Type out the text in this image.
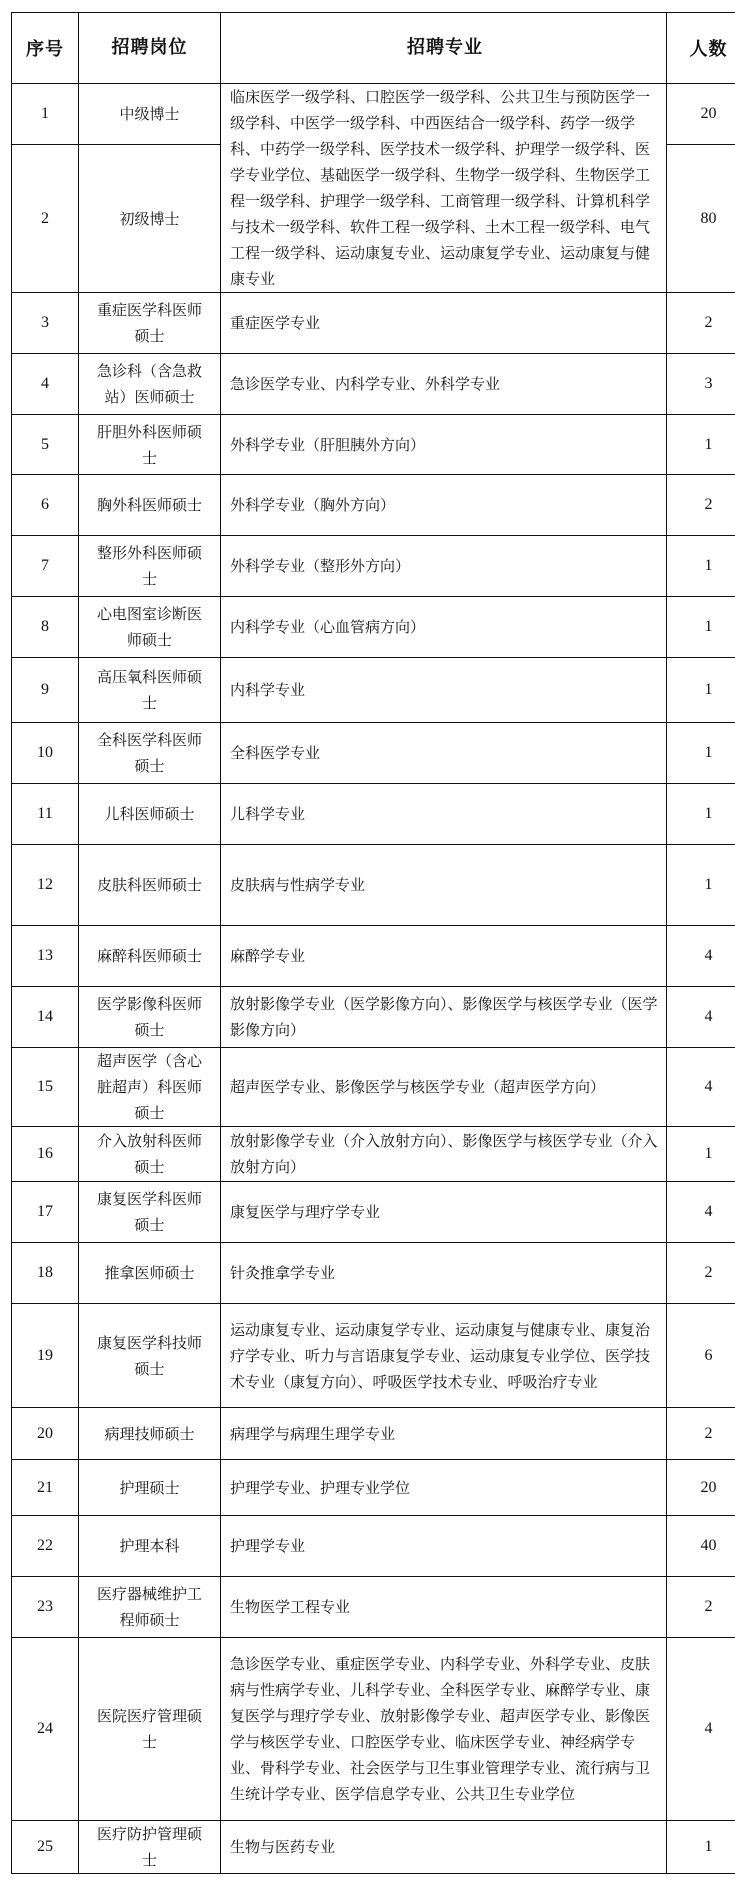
序号	招聘岗位	招聘专业	人数
1	中级博士	临床医学一级学科、口腔医学一级学科、公共卫生与预防医学一级学科、中医学一级学科、中西医结合一级学科、药学一级学科、中药学一级学科、医学技术一级学科、护理学一级学科、医学专业学位、基础医学一级学科、生物学一级学科、生物医学工程一级学科、护理学一级学科、工商管理一级学科、计算机科学与技术一级学科、软件工程一级学科、土木工程一级学科、电气工程一级学科、运动康复专业、运动康复学专业、运动康复与健康专业	20
2	初级博士		80
3	重症医学科医师硕士	重症医学专业	2
4	急诊科（含急救站）医师硕士	急诊医学专业、内科学专业、外科学专业	3
5	肝胆外科医师硕士	外科学专业（肝胆胰外方向）	1
6	胸外科医师硕士	外科学专业（胸外方向）	2
7	整形外科医师硕士	外科学专业（整形外方向）	1
8	心电图室诊断医师硕士	内科学专业（心血管病方向）	1
9	高压氧科医师硕士	内科学专业	1
10	全科医学科医师硕士	全科医学专业	1
11	儿科医师硕士	儿科学专业	1
12	皮肤科医师硕士	皮肤病与性病学专业	1
13	麻醉科医师硕士	麻醉学专业	4
14	医学影像科医师硕士	放射影像学专业（医学影像方向）、影像医学与核医学专业（医学影像方向）	4
15	超声医学（含心脏超声）科医师硕士	超声医学专业、影像医学与核医学专业（超声医学方向）	4
16	介入放射科医师硕士	放射影像学专业（介入放射方向）、影像医学与核医学专业（介入放射方向）	1
17	康复医学科医师硕士	康复医学与理疗学专业	4
18	推拿医师硕士	针灸推拿学专业	2
19	康复医学科技师硕士	运动康复专业、运动康复学专业、运动康复与健康专业、康复治疗学专业、听力与言语康复学专业、运动康复专业学位、医学技术专业（康复方向）、呼吸医学技术专业、呼吸治疗专业	6
20	病理技师硕士	病理学与病理生理学专业	2
21	护理硕士	护理学专业、护理专业学位	20
22	护理本科	护理学专业	40
23	医疗器械维护工程师硕士	生物医学工程专业	2
24	医院医疗管理硕士	急诊医学专业、重症医学专业、内科学专业、外科学专业、皮肤病与性病学专业、儿科学专业、全科医学专业、麻醉学专业、康复医学与理疗学专业、放射影像学专业、超声医学专业、影像医学与核医学专业、口腔医学专业、临床医学专业、神经病学专业、骨科学专业、社会医学与卫生事业管理学专业、流行病与卫生统计学专业、医学信息学专业、公共卫生专业学位	4
25	医疗防护管理硕士	生物与医药专业	1
